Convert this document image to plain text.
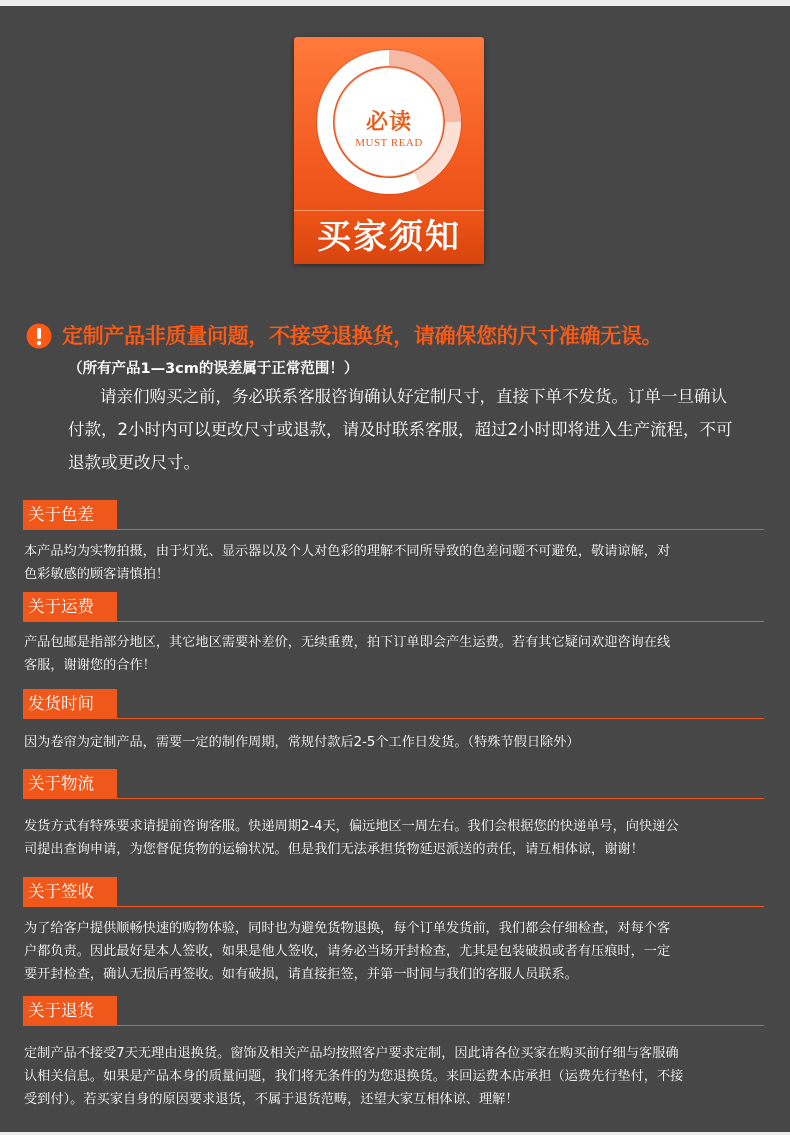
必读
MUST READ
买家须知
定制产品非质量问题，不接受退换货，请确保您的尺寸准确无误。
（所有产品1—3cm的误差属于正常范围！）
请亲们购买之前，务必联系客服咨询确认好定制尺寸，直接下单不发货。订单一旦确认
付款，2小时内可以更改尺寸或退款，请及时联系客服，超过2小时即将进入生产流程，不可
退款或更改尺寸。
关于色差
本产品均为实物拍摄，由于灯光、显示器以及个人对色彩的理解不同所导致的色差问题不可避免，敬请谅解，对
色彩敏感的顾客请慎拍！
关于运费
产品包邮是指部分地区，其它地区需要补差价，无续重费，拍下订单即会产生运费。若有其它疑问欢迎咨询在线
客服，谢谢您的合作！
发货时间
因为卷帘为定制产品，需要一定的制作周期，常规付款后2-5个工作日发货。（特殊节假日除外）
关于物流
发货方式有特殊要求请提前咨询客服。快递周期2-4天，偏远地区一周左右。我们会根据您的快递单号，向快递公
司提出查询申请，为您督促货物的运输状况。但是我们无法承担货物延迟派送的责任，请互相体谅，谢谢！
关于签收
为了给客户提供顺畅快速的购物体验，同时也为避免货物退换，每个订单发货前，我们都会仔细检查，对每个客
户都负责。因此最好是本人签收，如果是他人签收，请务必当场开封检查，尤其是包装破损或者有压痕时，一定
要开封检查，确认无损后再签收。如有破损，请直接拒签，并第一时间与我们的客服人员联系。
关于退货
定制产品不接受7天无理由退换货。窗饰及相关产品均按照客户要求定制，因此请各位买家在购买前仔细与客服确
认相关信息。如果是产品本身的质量问题，我们将无条件的为您退换货。来回运费本店承担（运费先行垫付，不接
受到付）。若买家自身的原因要求退货，不属于退货范畴，还望大家互相体谅、理解！
